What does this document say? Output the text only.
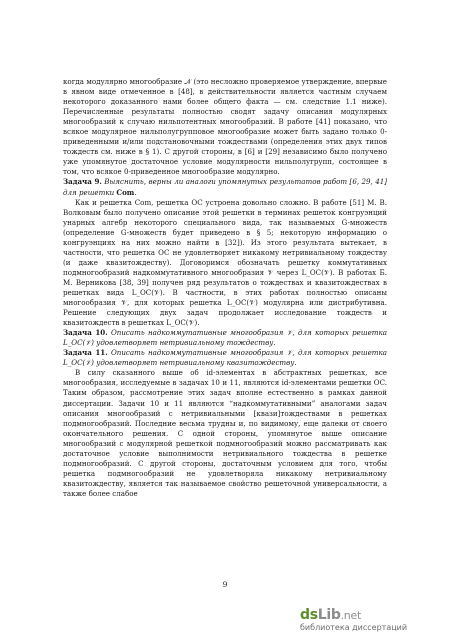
когда модулярно многообразие 𝒩 (это несложно проверяемое утверждение, впервые в явном виде отмеченное в [48], в действительности является частным случаем некоторого доказанного нами более общего факта — см. следствие 1.1 ниже). Перечисленные результаты полностью сводят задачу описания модулярных многообразий к случаю нильпотентных многообразий. В работе [41] показано, что всякое модулярное нильполугрупповое многообразие может быть задано только 0-приведенными и/или подстановочными тождествами (определения этих двух типов тождеств см. ниже в § 1). С другой стороны, в [6] и [29] независимо было получено уже упомянутое достаточное условие модулярности нильполугрупп, состоящее в том, что всякое 0-приведенное многообразие модулярно.

Задача 9. Выяснить, верны ли аналоги упомянутых результатов работ [6, 29, 41] для решетки Com.

Как и решетка Com, решетка OC устроена довольно сложно. В работе [51] М. В. Волковым было получено описание этой решетки в терминах решеток конгруэнций унарных алгебр некоторого специального вида, так называемых G-множеств (определение G-множеств будет приведено в § 5; некоторую информацию о конгруэнциях на них можно найти в [32]). Из этого результата вытекает, в частности, что решетка OC не удовлетворяет никакому нетривиальному тождеству (и даже квазитождеству). Договоримся обозначать решетку коммутативных подмногообразий надкоммутативного многообразия 𝒱 через L_OC(𝒱). В работах Б. М. Верникова [38, 39] получен ряд результатов о тождествах и квазитождествах в решетках вида L_OC(𝒱). В частности, в этих работах полностью описаны многообразия 𝒱, для которых решетка L_OC(𝒱) модулярна или дистрибутивна. Решение следующих двух задач продолжает исследование тождеств и квазитождеств в решетках L_OC(𝒱).

Задача 10. Описать надкоммутативные многообразия 𝒱, для которых решетка L_OC(𝒱) удовлетворяет нетривиальному тождеству.

Задача 11. Описать надкоммутативные многообразия 𝒱, для которых решетка L_OC(𝒱) удовлетворяет нетривиальному квазитождеству.

В силу сказанного выше об id-элементах в абстрактных решетках, все многообразия, исследуемые в задачах 10 и 11, являются id-элементами решетки OC. Таким образом, рассмотрение этих задач вполне естественно в рамках данной диссертации. Задачи 10 и 11 являются “надкоммутативными” аналогами задач описания многообразий с нетривиальными [квази]тождествами в решетках подмногообразий. Последние весьма трудны и, по видимому, еще далеки от своего окончательного решения. С одной стороны, упомянутое выше описание многообразий с модулярной решеткой подмногообразий можно рассматривать как достаточное условие выполнимости нетривиального тождества в решетке подмногообразий. С другой стороны, достаточным условием для того, чтобы решетка подмногообразий не удовлетворяла никакому нетривиальному квазитождеству, является так называемое свойство решеточной универсальности, а также более слабое

9
dsLib.net
библиотека диссертаций
